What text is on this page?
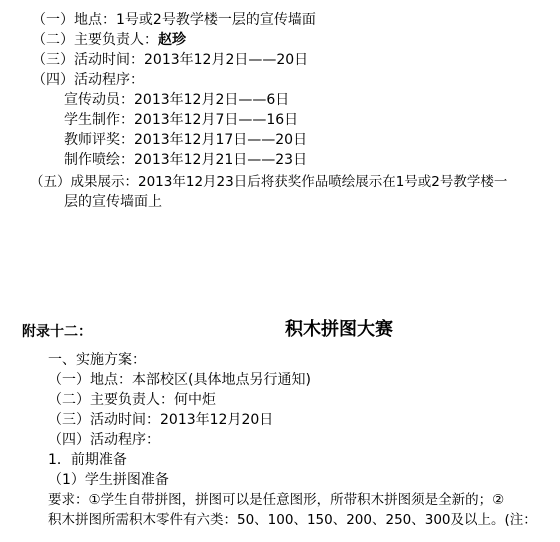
（一）地点：1号或2号教学楼一层的宣传墙面
（二）主要负责人：赵珍
（三）活动时间：2013年12月2日——20日
（四）活动程序：
宣传动员：2013年12月2日——6日
学生制作：2013年12月7日——16日
教师评奖：2013年12月17日——20日
制作喷绘：2013年12月21日——23日
（五）成果展示：2013年12月23日后将获奖作品喷绘展示在1号或2号教学楼一
层的宣传墙面上
附录十二：	积木拼图大赛
一、实施方案：
（一）地点：本部校区(具体地点另行通知)
（二）主要负责人：何中炬
（三）活动时间：2013年12月20日
（四）活动程序：
1．前期准备
（1）学生拼图准备
要求：①学生自带拼图，拼图可以是任意图形，所带积木拼图须是全新的；②
积木拼图所需积木零件有六类：50、100、150、200、250、300及以上。(注：
